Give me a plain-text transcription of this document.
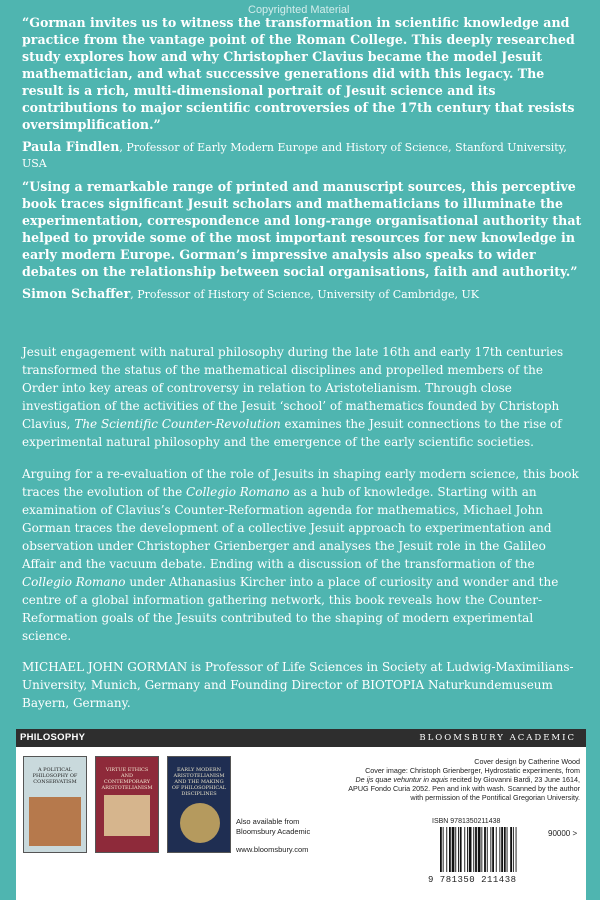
Copyrighted Material

“Gorman invites us to witness the transformation in scientific knowledge and practice from the vantage point of the Roman College. This deeply researched study explores how and why Christopher Clavius became the model Jesuit mathematician, and what successive generations did with this legacy. The result is a rich, multi-dimensional portrait of Jesuit science and its contributions to major scientific controversies of the 17th century that resists oversimplification.”

Paula Findlen, Professor of Early Modern Europe and History of Science, Stanford University, USA

“Using a remarkable range of printed and manuscript sources, this perceptive book traces significant Jesuit scholars and mathematicians to illuminate the experimentation, correspondence and long-range organisational authority that helped to provide some of the most important resources for new knowledge in early modern Europe. Gorman’s impressive analysis also speaks to wider debates on the relationship between social organisations, faith and authority.”

Simon Schaffer, Professor of History of Science, University of Cambridge, UK

Jesuit engagement with natural philosophy during the late 16th and early 17th centuries transformed the status of the mathematical disciplines and propelled members of the Order into key areas of controversy in relation to Aristotelianism. Through close investigation of the activities of the Jesuit ‘school’ of mathematics founded by Christoph Clavius, The Scientific Counter-Revolution examines the Jesuit connections to the rise of experimental natural philosophy and the emergence of the early scientific societies.

Arguing for a re-evaluation of the role of Jesuits in shaping early modern science, this book traces the evolution of the Collegio Romano as a hub of knowledge. Starting with an examination of Clavius’s Counter-Reformation agenda for mathematics, Michael John Gorman traces the development of a collective Jesuit approach to experimentation and observation under Christopher Grienberger and analyses the Jesuit role in the Galileo Affair and the vacuum debate. Ending with a discussion of the transformation of the Collegio Romano under Athanasius Kircher into a place of curiosity and wonder and the centre of a global information gathering network, this book reveals how the Counter-Reformation goals of the Jesuits contributed to the shaping of modern experimental science.

MICHAEL JOHN GORMAN is Professor of Life Sciences in Society at Ludwig-Maximilians-University, Munich, Germany and Founding Director of BIOTOPIA Naturkundemuseum Bayern, Germany.

PHILOSOPHY	BLOOMSBURY ACADEMIC
A POLITICAL PHILOSOPHY OF CONSERVATISM
VIRTUE ETHICS AND CONTEMPORARY ARISTOTELIANISM
EARLY MODERN ARISTOTELIANISM AND THE MAKING OF PHILOSOPHICAL DISCIPLINES
Also available from
Bloomsbury Academic
www.bloomsbury.com
Cover design by Catherine Wood
Cover image: Christoph Grienberger, Hydrostatic experiments, from
De ijs quae vehuntur in aquis recited by Giovanni Bardi, 23 June 1614,
APUG Fondo Curia 2052. Pen and ink with wash. Scanned by the author
with permission of the Pontifical Gregorian University.
ISBN 9781350211438
90000 >
9 781350 211438
Copyrighted Material
